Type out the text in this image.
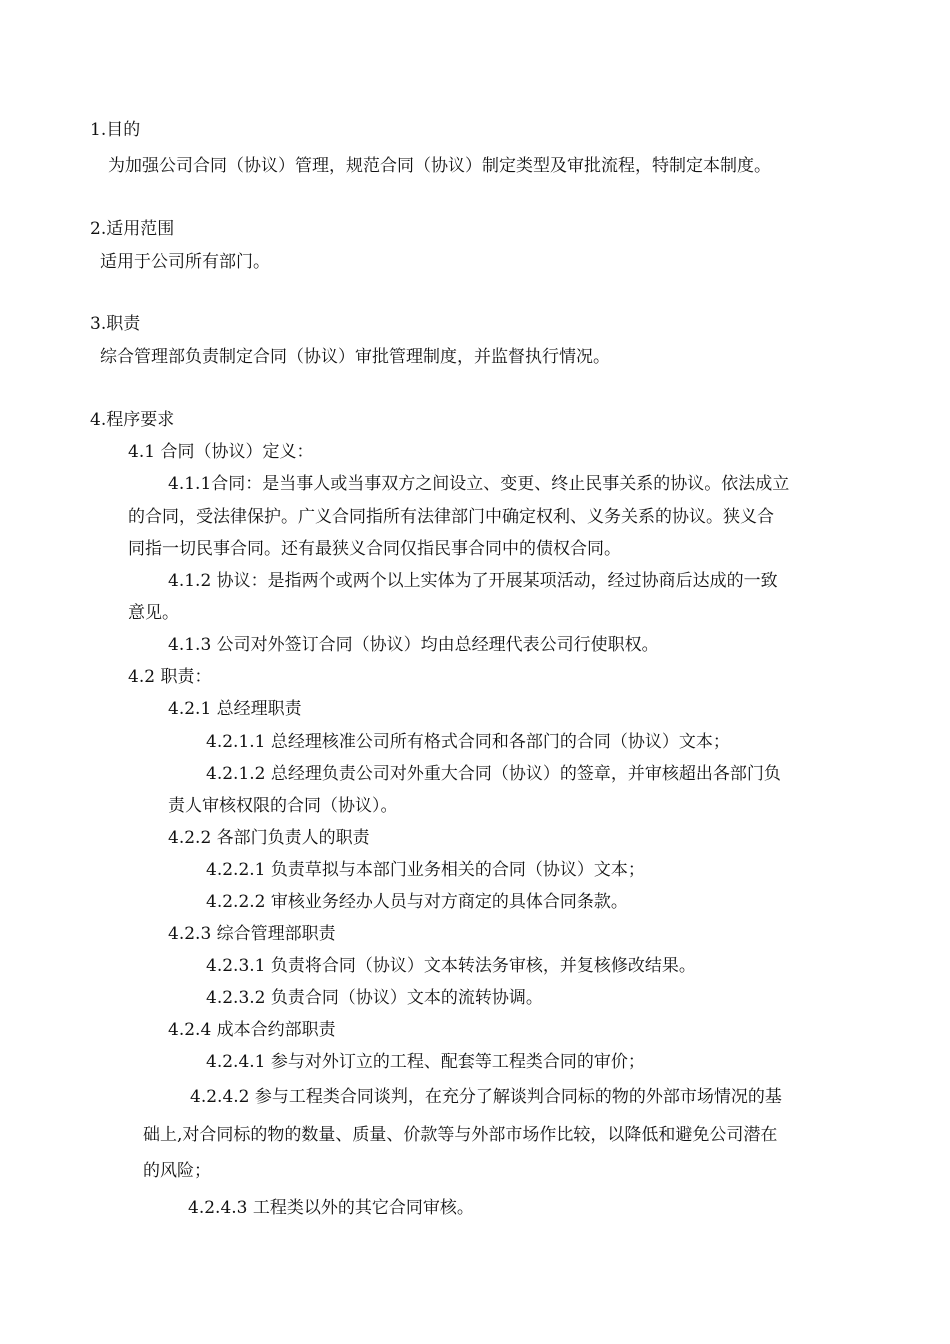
1.目的
为加强公司合同（协议）管理，规范合同（协议）制定类型及审批流程，特制定本制度。
2.适用范围
适用于公司所有部门。
3.职责
综合管理部负责制定合同（协议）审批管理制度，并监督执行情况。
4.程序要求
4.1 合同（协议）定义：
4.1.1合同：是当事人或当事双方之间设立、变更、终止民事关系的协议。依法成立
的合同，受法律保护。广义合同指所有法律部门中确定权利、义务关系的协议。狭义合
同指一切民事合同。还有最狭义合同仅指民事合同中的债权合同。
4.1.2 协议：是指两个或两个以上实体为了开展某项活动，经过协商后达成的一致
意见。
4.1.3 公司对外签订合同（协议）均由总经理代表公司行使职权。
4.2 职责：
4.2.1 总经理职责
4.2.1.1 总经理核准公司所有格式合同和各部门的合同（协议）文本；
4.2.1.2 总经理负责公司对外重大合同（协议）的签章，并审核超出各部门负
责人审核权限的合同（协议）。
4.2.2 各部门负责人的职责
4.2.2.1 负责草拟与本部门业务相关的合同（协议）文本；
4.2.2.2 审核业务经办人员与对方商定的具体合同条款。
4.2.3 综合管理部职责
4.2.3.1 负责将合同（协议）文本转法务审核，并复核修改结果。
4.2.3.2 负责合同（协议）文本的流转协调。
4.2.4 成本合约部职责
4.2.4.1 参与对外订立的工程、配套等工程类合同的审价；
4.2.4.2 参与工程类合同谈判，在充分了解谈判合同标的物的外部市场情况的基
础上,对合同标的物的数量、质量、价款等与外部市场作比较，以降低和避免公司潜在
的风险；
4.2.4.3 工程类以外的其它合同审核。
